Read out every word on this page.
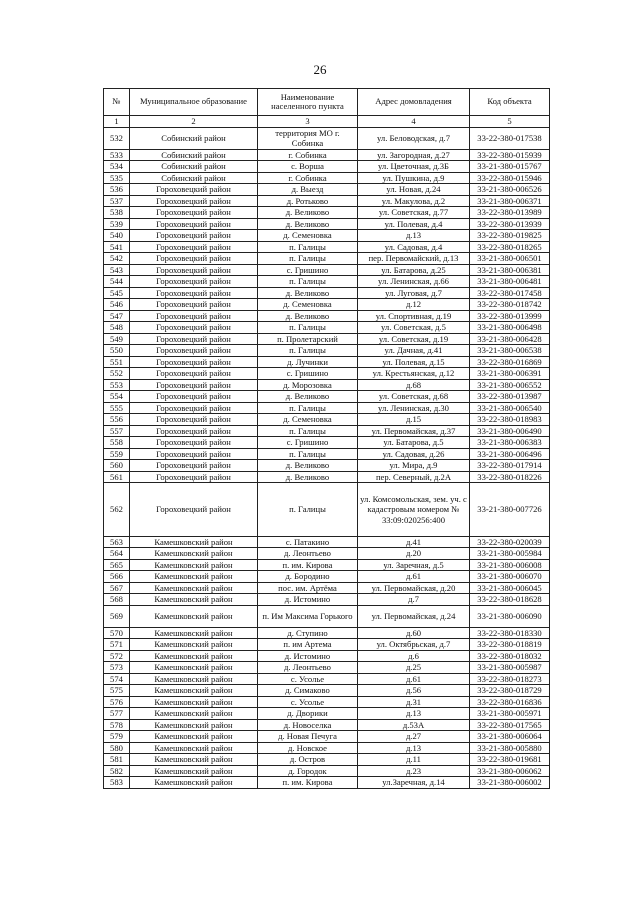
26
№	Муниципальное образование	Наименование населенного пункта	Адрес домовладения	Код объекта
1	2	3	4	5
532	Собинский район	территория МО г. Собинка	ул. Беловодская, д.7	33-22-380-017538
533	Собинский район	г. Собинка	ул. Загородная, д.27	33-22-380-015939
534	Собинский район	с. Ворша	ул. Цветочная, д.3Б	33-21-380-015767
535	Собинский район	г. Собинка	ул. Пушкина, д.9	33-22-380-015946
536	Гороховецкий район	д. Выезд	ул. Новая, д.24	33-21-380-006526
537	Гороховецкий район	д. Ротьково	ул. Макулова, д.2	33-21-380-006371
538	Гороховецкий район	д. Великово	ул. Советская, д.77	33-22-380-013989
539	Гороховецкий район	д. Великово	ул. Полевая, д.4	33-22-380-013939
540	Гороховецкий район	д. Семеновка	д.13	33-22-380-019825
541	Гороховецкий район	п. Галицы	ул. Садовая, д.4	33-22-380-018265
542	Гороховецкий район	п. Галицы	пер. Первомайский, д.13	33-21-380-006501
543	Гороховецкий район	с. Гришино	ул. Батарова, д.25	33-21-380-006381
544	Гороховецкий район	п. Галицы	ул. Ленинская, д.66	33-21-380-006481
545	Гороховецкий район	д. Великово	ул. Луговая, д.7	33-22-380-017458
546	Гороховецкий район	д. Семеновка	д.12	33-22-380-018742
547	Гороховецкий район	д. Великово	ул. Спортивная, д.19	33-22-380-013999
548	Гороховецкий район	п. Галицы	ул. Советская, д.5	33-21-380-006498
549	Гороховецкий район	п. Пролетарский	ул. Советская, д.19	33-21-380-006428
550	Гороховецкий район	п. Галицы	ул. Дачная, д.41	33-21-380-006538
551	Гороховецкий район	д. Лучинки	ул. Полевая, д.15	33-22-380-016869
552	Гороховецкий район	с. Гришино	ул. Крестьянская, д.12	33-21-380-006391
553	Гороховецкий район	д. Морозовка	д.68	33-21-380-006552
554	Гороховецкий район	д. Великово	ул. Советская, д.68	33-22-380-013987
555	Гороховецкий район	п. Галицы	ул. Ленинская, д.30	33-21-380-006540
556	Гороховецкий район	д. Семеновка	д.15	33-22-380-018983
557	Гороховецкий район	п. Галицы	ул. Первомайская, д.37	33-21-380-006490
558	Гороховецкий район	с. Гришино	ул. Батарова, д.5	33-21-380-006383
559	Гороховецкий район	п. Галицы	ул. Садовая, д.26	33-21-380-006496
560	Гороховецкий район	д. Великово	ул. Мира, д.9	33-22-380-017914
561	Гороховецкий район	д. Великово	пер. Северный, д.2А	33-22-380-018226
562	Гороховецкий район	п. Галицы	ул. Комсомольская, зем. уч. с кадастровым номером № 33:09:020256:400	33-21-380-007726
563	Камешковский район	с. Патакино	д.41	33-22-380-020039
564	Камешковский район	д. Леонтьево	д.20	33-21-380-005984
565	Камешковский район	п. им. Кирова	ул. Заречная, д.5	33-21-380-006008
566	Камешковский район	д. Бородино	д.61	33-21-380-006070
567	Камешковский район	пос. им. Артёма	ул. Первомайская, д.20	33-21-380-006045
568	Камешковский район	д. Истомино	д.7	33-22-380-018628
569	Камешковский район	п. Им Максима Горького	ул. Первомайская, д.24	33-21-380-006090
570	Камешковский район	д. Ступино	д.60	33-22-380-018330
571	Камешковский район	п. им Артема	ул. Октябрьская, д.7	33-22-380-018819
572	Камешковский район	д. Истомино	д.6	33-22-380-018032
573	Камешковский район	д. Леонтьево	д.25	33-21-380-005987
574	Камешковский район	с. Усолье	д.61	33-22-380-018273
575	Камешковский район	д. Симаково	д.56	33-22-380-018729
576	Камешковский район	с. Усолье	д.31	33-22-380-016836
577	Камешковский район	д. Дворики	д.13	33-21-380-005971
578	Камешковский район	д. Новоселка	д.53А	33-22-380-017565
579	Камешковский район	д. Новая Печуга	д.27	33-21-380-006064
580	Камешковский район	д. Новское	д.13	33-21-380-005880
581	Камешковский район	д. Остров	д.11	33-22-380-019681
582	Камешковский район	д. Городок	д.23	33-21-380-006062
583	Камешковский район	п. им. Кирова	ул.Заречная, д.14	33-21-380-006002
